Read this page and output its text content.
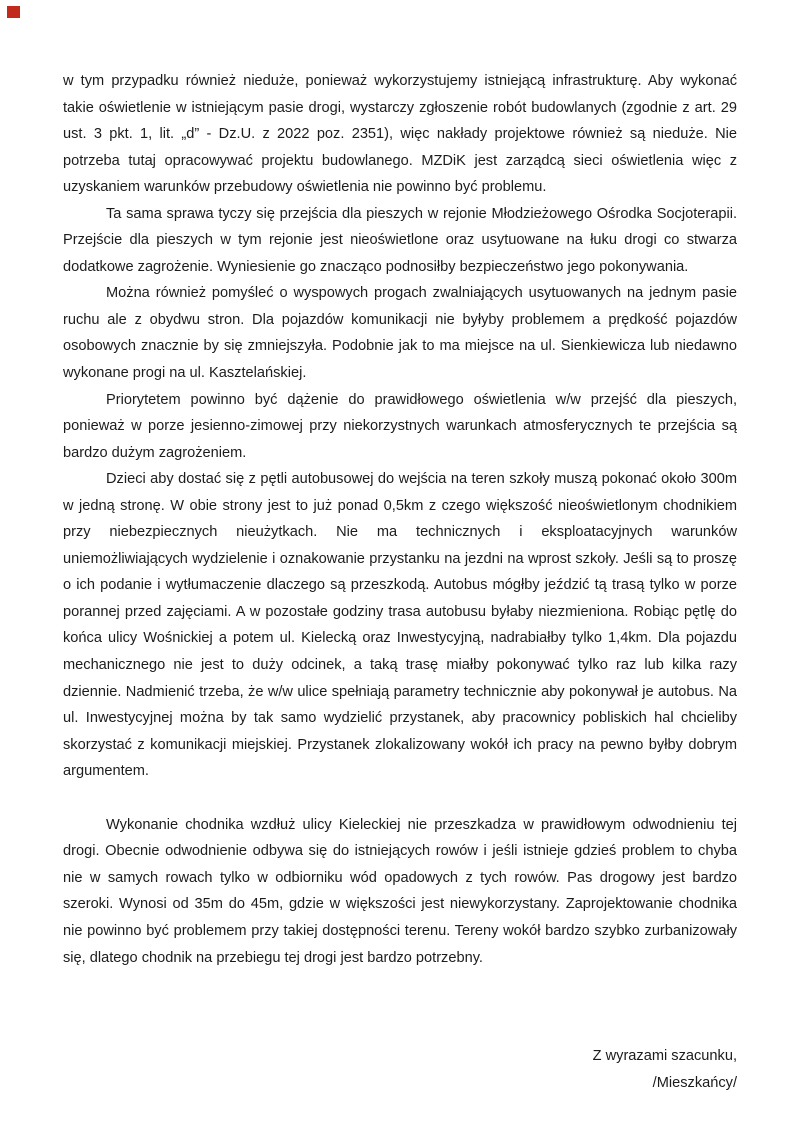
w tym przypadku również nieduże, ponieważ wykorzystujemy istniejącą infrastrukturę. Aby wykonać takie oświetlenie w istniejącym pasie drogi, wystarczy zgłoszenie robót budowlanych (zgodnie z art. 29 ust. 3 pkt. 1, lit. „d” - Dz.U. z 2022 poz. 2351), więc nakłady projektowe również są nieduże. Nie potrzeba tutaj opracowywać projektu budowlanego. MZDiK jest zarządcą sieci oświetlenia więc z uzyskaniem warunków przebudowy oświetlenia nie powinno być problemu.

Ta sama sprawa tyczy się przejścia dla pieszych w rejonie Młodzieżowego Ośrodka Socjoterapii. Przejście dla pieszych w tym rejonie jest nieoświetlone oraz usytuowane na łuku drogi co stwarza dodatkowe zagrożenie. Wyniesienie go znacząco podnosiłby bezpieczeństwo jego pokonywania.

Można również pomyśleć o wyspowych progach zwalniających usytuowanych na jednym pasie ruchu ale z obydwu stron. Dla pojazdów komunikacji nie byłyby problemem a prędkość pojazdów osobowych znacznie by się zmniejszyła. Podobnie jak to ma miejsce na ul. Sienkiewicza lub niedawno wykonane progi na ul. Kasztelańskiej.

Priorytetem powinno być dążenie do prawidłowego oświetlenia w/w przejść dla pieszych, ponieważ w porze jesienno-zimowej przy niekorzystnych warunkach atmosferycznych te przejścia są bardzo dużym zagrożeniem.

Dzieci aby dostać się z pętli autobusowej do wejścia na teren szkoły muszą pokonać około 300m w jedną stronę. W obie strony jest to już ponad 0,5km z czego większość nieoświetlonym chodnikiem przy niebezpiecznych nieużytkach. Nie ma technicznych i eksploatacyjnych warunków uniemożliwiających wydzielenie i oznakowanie przystanku na jezdni na wprost szkoły. Jeśli są to proszę o ich podanie i wytłumaczenie dlaczego są przeszkodą. Autobus mógłby jeździć tą trasą tylko w porze porannej przed zajęciami. A w pozostałe godziny trasa autobusu byłaby niezmieniona. Robiąc pętlę do końca ulicy Wośnickiej a potem ul. Kielecką oraz Inwestycyjną, nadrabiałby tylko 1,4km. Dla pojazdu mechanicznego nie jest to duży odcinek, a taką trasę miałby pokonywać tylko raz lub kilka razy dziennie. Nadmienić trzeba, że w/w ulice spełniają parametry technicznie aby pokonywał je autobus. Na ul. Inwestycyjnej można by tak samo wydzielić przystanek, aby pracownicy pobliskich hal chcieliby skorzystać z komunikacji miejskiej. Przystanek zlokalizowany wokół ich pracy na pewno byłby dobrym argumentem.

Wykonanie chodnika wzdłuż ulicy Kieleckiej nie przeszkadza w prawidłowym odwodnieniu tej drogi. Obecnie odwodnienie odbywa się do istniejących rowów i jeśli istnieje gdzieś problem to chyba nie w samych rowach tylko w odbiorniku wód opadowych z tych rowów. Pas drogowy jest bardzo szeroki. Wynosi od 35m do 45m, gdzie w większości jest niewykorzystany. Zaprojektowanie chodnika nie powinno być problemem przy takiej dostępności terenu. Tereny wokół bardzo szybko zurbanizowały się, dlatego chodnik na przebiegu tej drogi jest bardzo potrzebny.

Z wyrazami szacunku,
/Mieszkańcy/
